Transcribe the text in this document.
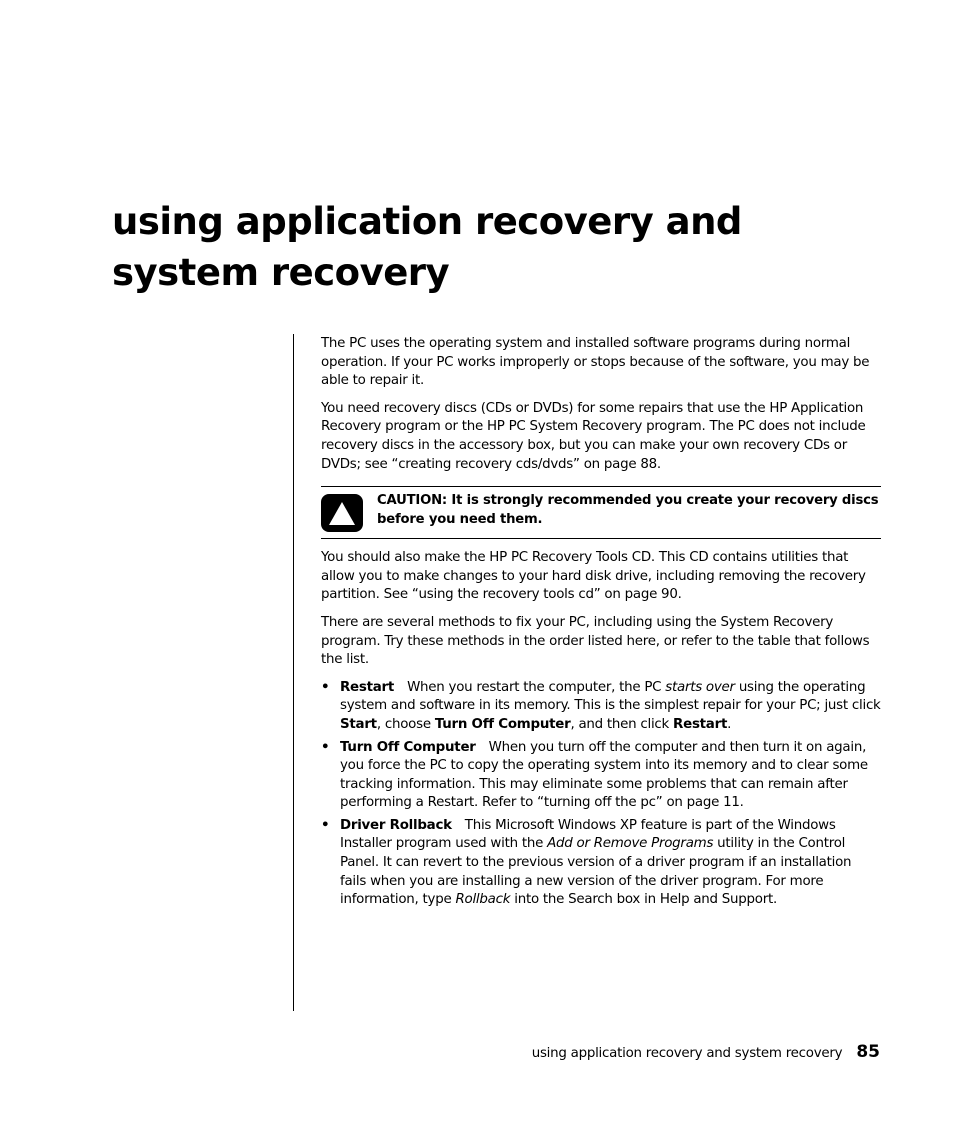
using application recovery and
system recovery

The PC uses the operating system and installed software programs during normal operation. If your PC works improperly or stops because of the software, you may be able to repair it.

You need recovery discs (CDs or DVDs) for some repairs that use the HP Application Recovery program or the HP PC System Recovery program. The PC does not include recovery discs in the accessory box, but you can make your own recovery CDs or DVDs; see “creating recovery cds/dvds” on page 88.

CAUTION: It is strongly recommended you create your recovery discs before you need them.

You should also make the HP PC Recovery Tools CD. This CD contains utilities that allow you to make changes to your hard disk drive, including removing the recovery partition. See “using the recovery tools cd” on page 90.

There are several methods to fix your PC, including using the System Recovery program. Try these methods in the order listed here, or refer to the table that follows the list.

• Restart When you restart the computer, the PC starts over using the operating system and software in its memory. This is the simplest repair for your PC; just click Start, choose Turn Off Computer, and then click Restart.
• Turn Off Computer When you turn off the computer and then turn it on again, you force the PC to copy the operating system into its memory and to clear some tracking information. This may eliminate some problems that can remain after performing a Restart. Refer to “turning off the pc” on page 11.
• Driver Rollback This Microsoft Windows XP feature is part of the Windows Installer program used with the Add or Remove Programs utility in the Control Panel. It can revert to the previous version of a driver program if an installation fails when you are installing a new version of the driver program. For more information, type Rollback into the Search box in Help and Support.
using application recovery and system recovery 85
